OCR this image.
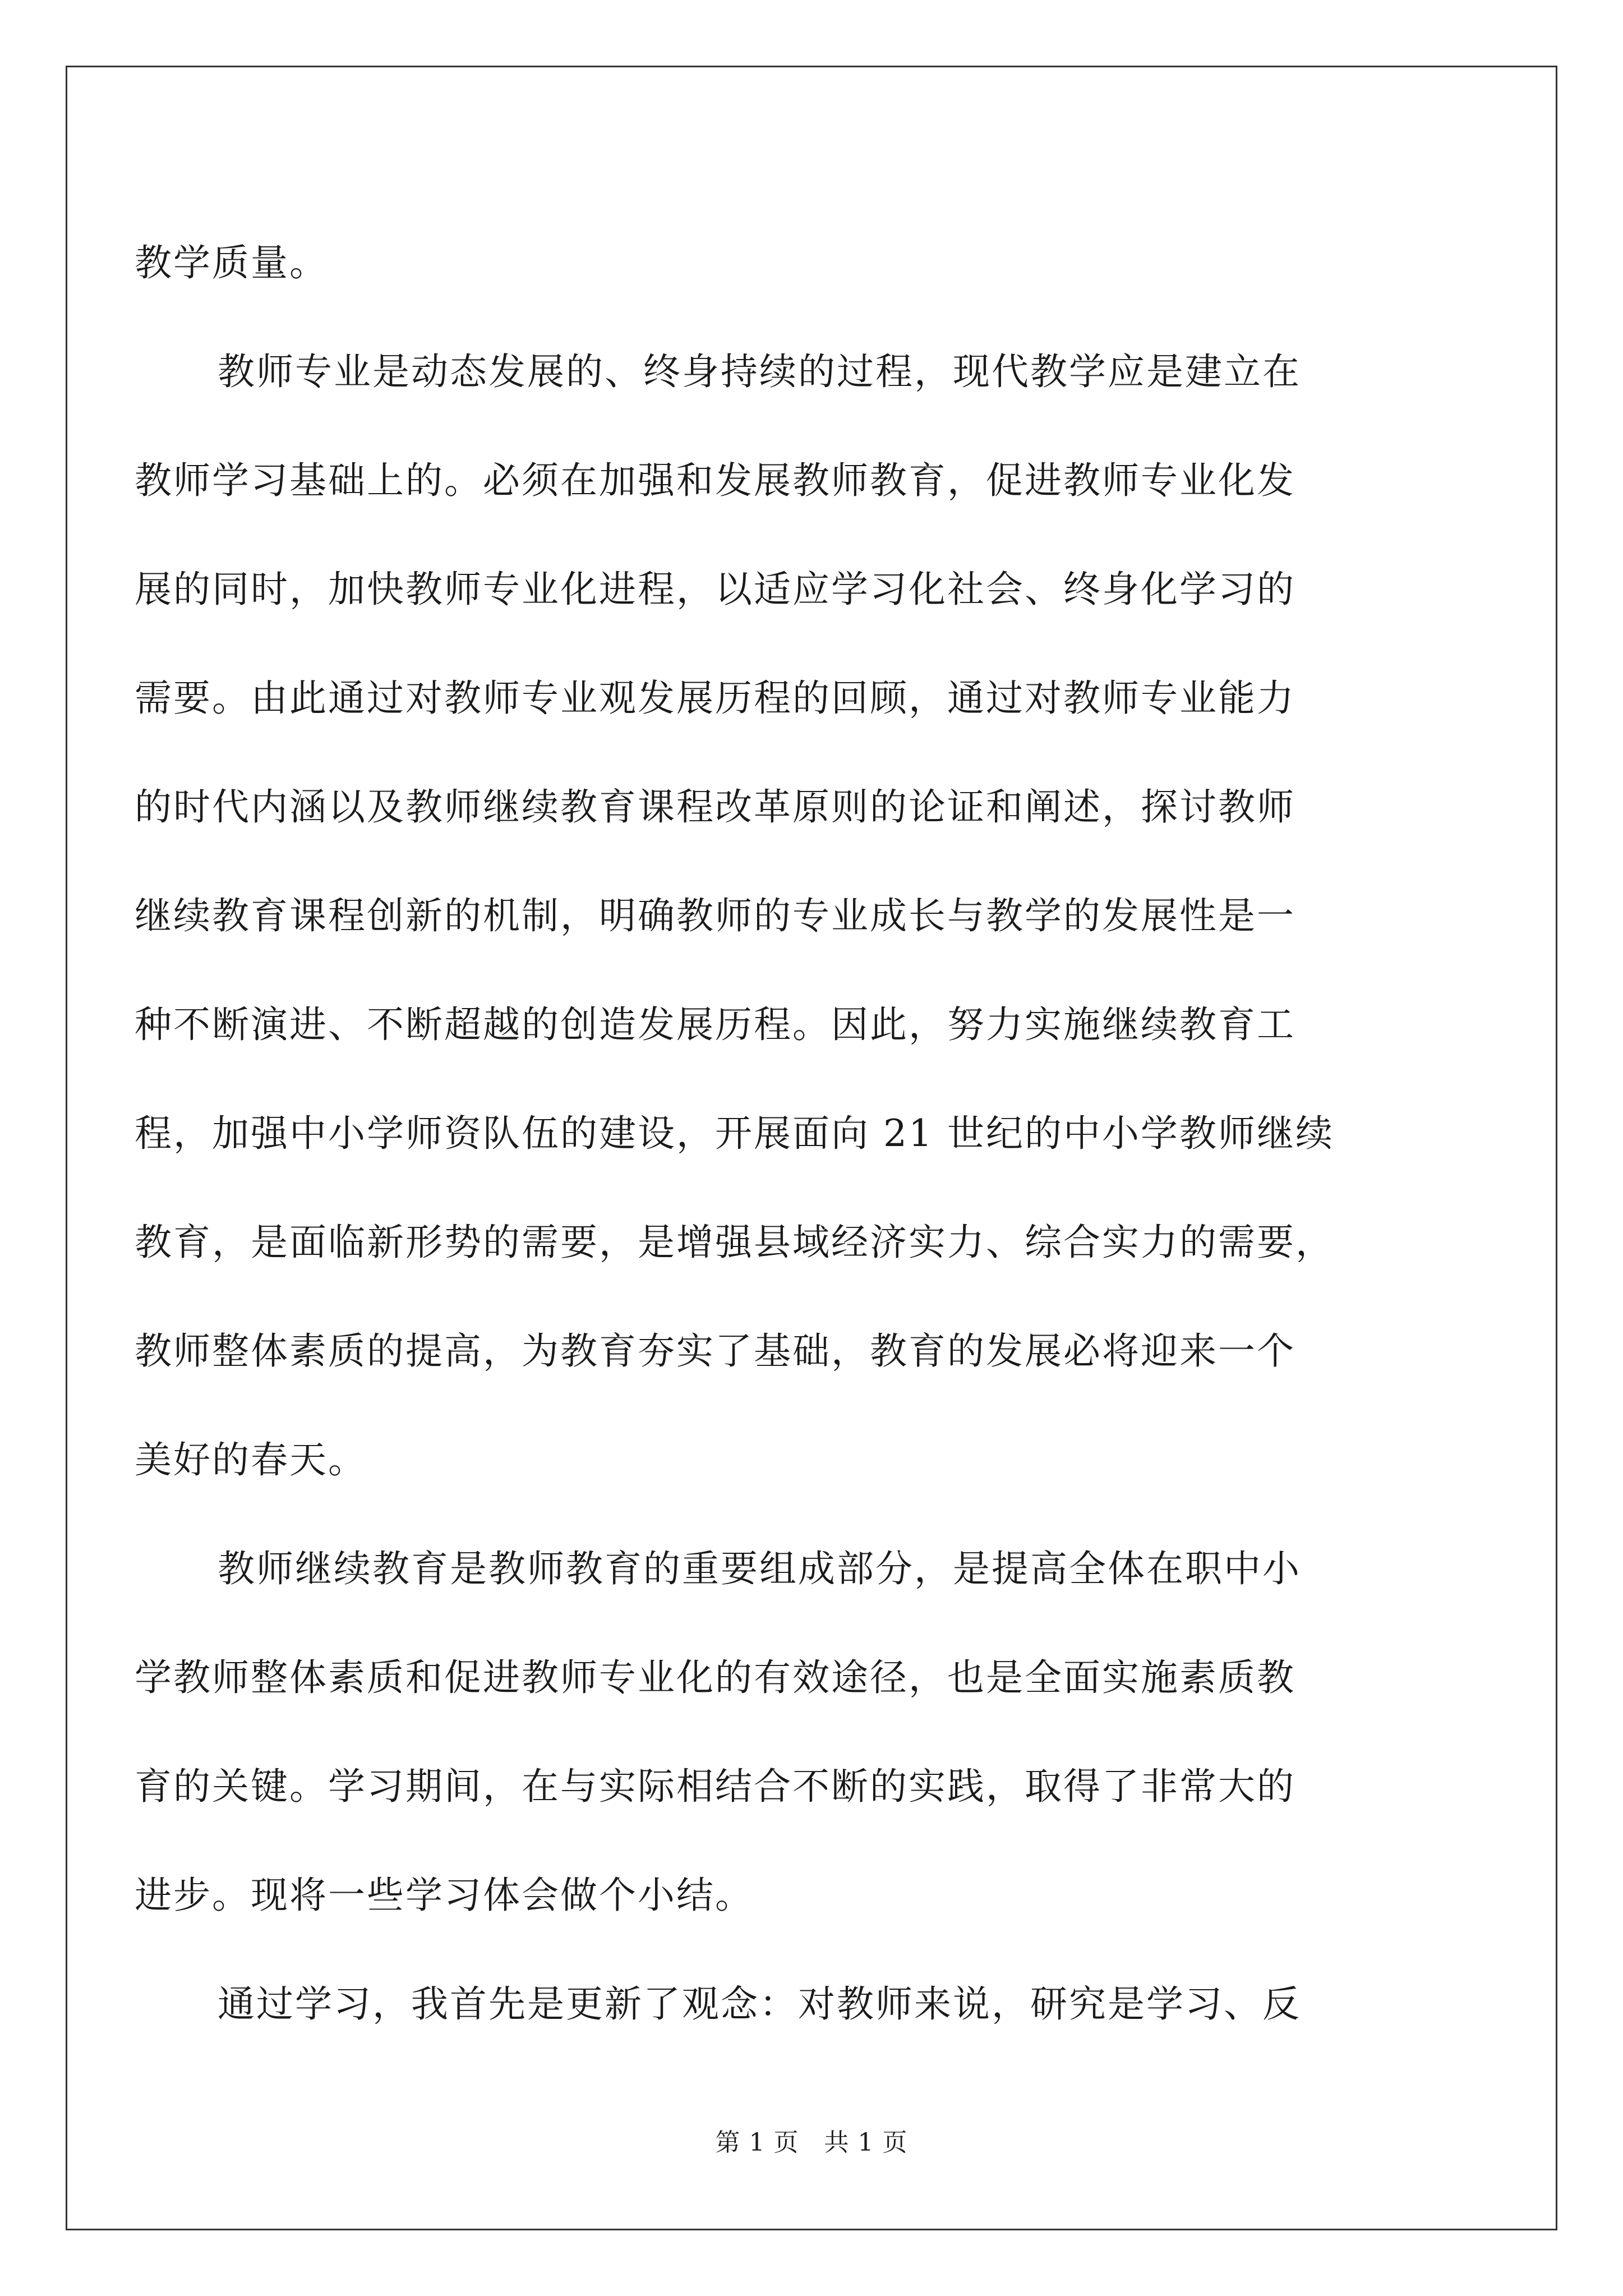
教学质量。
教师专业是动态发展的、终身持续的过程，现代教学应是建立在
教师学习基础上的。必须在加强和发展教师教育，促进教师专业化发
展的同时，加快教师专业化进程，以适应学习化社会、终身化学习的
需要。由此通过对教师专业观发展历程的回顾，通过对教师专业能力
的时代内涵以及教师继续教育课程改革原则的论证和阐述，探讨教师
继续教育课程创新的机制，明确教师的专业成长与教学的发展性是一
种不断演进、不断超越的创造发展历程。因此，努力实施继续教育工
程，加强中小学师资队伍的建设，开展面向 21 世纪的中小学教师继续
教育，是面临新形势的需要，是增强县域经济实力、综合实力的需要，
教师整体素质的提高，为教育夯实了基础，教育的发展必将迎来一个
美好的春天。
教师继续教育是教师教育的重要组成部分，是提高全体在职中小
学教师整体素质和促进教师专业化的有效途径，也是全面实施素质教
育的关键。学习期间，在与实际相结合不断的实践，取得了非常大的
进步。现将一些学习体会做个小结。
通过学习，我首先是更新了观念：对教师来说，研究是学习、反
第 1 页 共 1 页
